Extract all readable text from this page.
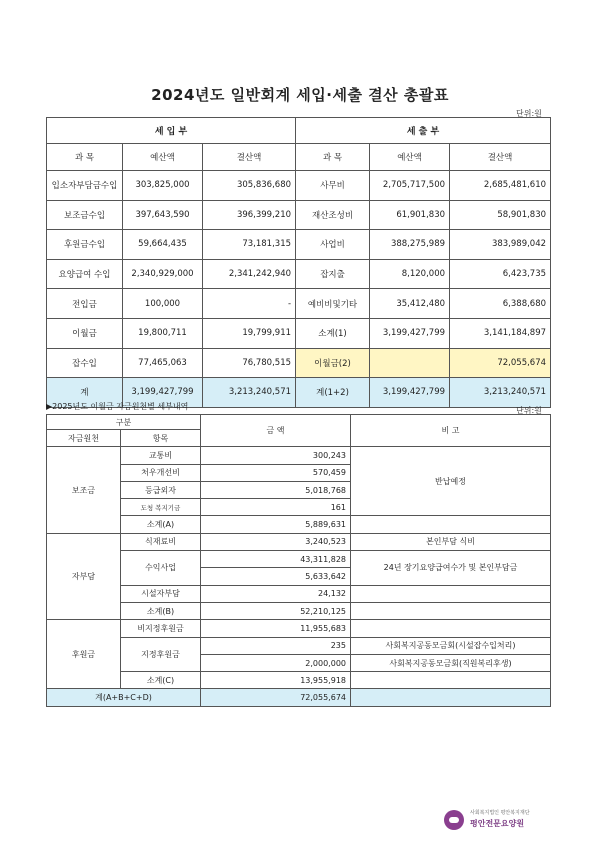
2024년도 일반회계 세입·세출 결산 총괄표
단위:원
세 입 부			세 출 부		
과 목	예산액	결산액	과 목	예산액	결산액
입소자부담금수입	303,825,000	305,836,680	사무비	2,705,717,500	2,685,481,610
보조금수입	397,643,590	396,399,210	재산조성비	61,901,830	58,901,830
후원금수입	59,664,435	73,181,315	사업비	388,275,989	383,989,042
요양급여 수입	2,340,929,000	2,341,242,940	잡지출	8,120,000	6,423,735
전입금	100,000	-	예비비및기타	35,412,480	6,388,680
이월금	19,800,711	19,799,911	소계(1)	3,199,427,799	3,141,184,897
잡수입	77,465,063	76,780,515	이월금(2)		72,055,674
계	3,199,427,799	3,213,240,571	계(1+2)	3,199,427,799	3,213,240,571
▶2025년도 이월금 자금원천별 세부내역	단위:원
구분		금 액	비 고
자금원천	항목		
보조금	교통비	300,243	반납예정
	처우개선비	570,459	
	등급외자	5,018,768	
	도청 복지기금	161	
	소계(A)	5,889,631	
자부담	식재료비	3,240,523	본인부담 식비
	수익사업	43,311,828	24년 장기요양급여수가 및 본인부담금
		5,633,642	
	시설자부담	24,132	
	소계(B)	52,210,125	
후원금	비지정후원금	11,955,683	
	지정후원금	235	사회복지공동모금회(시설잡수입처리)
		2,000,000	사회복지공동모금회(직원복리후생)
	소계(C)	13,955,918	
계(A+B+C+D)		72,055,674	
사회복지법인 평안복지재단
평안전문요양원
